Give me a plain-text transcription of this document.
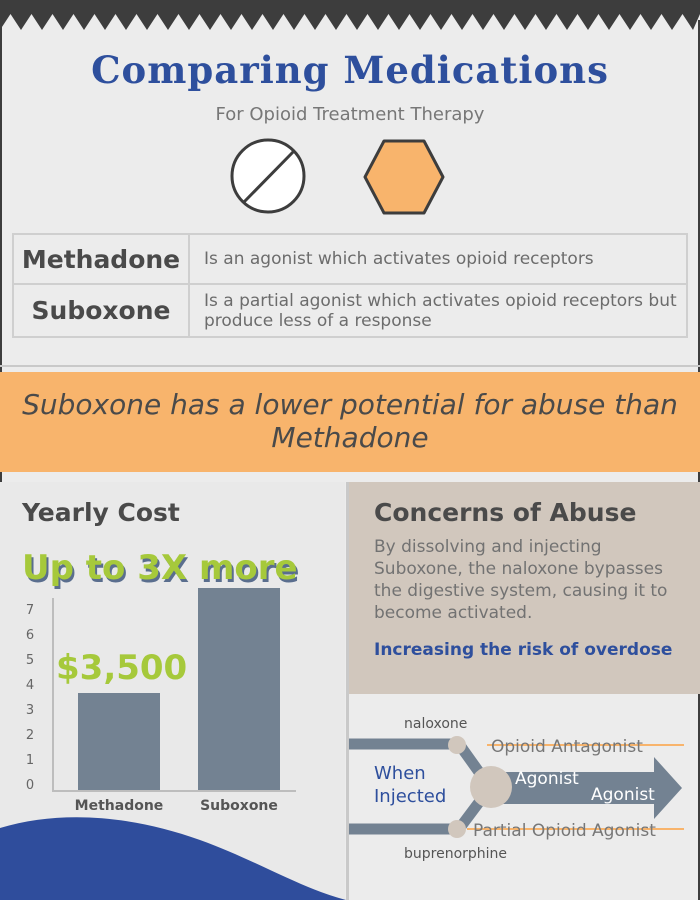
Comparing Medications
For Opioid Treatment Therapy
Methadone	Is an agonist which activates opioid receptors
Suboxone	Is a partial agonist which activates opioid receptors but produce less of a response
Suboxone has a lower potential for abuse than Methadone
Yearly Cost
Up to 3X more
0
1
2
3
4
5
6
7
Methadone	Suboxone
$3,500
Concerns of Abuse
By dissolving and injecting Suboxone, the naloxone bypasses the digestive system, causing it to become activated.
Increasing the risk of overdose
naloxone
buprenorphine
When
Injected
Opioid Antagonist
Agonist
Agonist
Partial Opioid Agonist
